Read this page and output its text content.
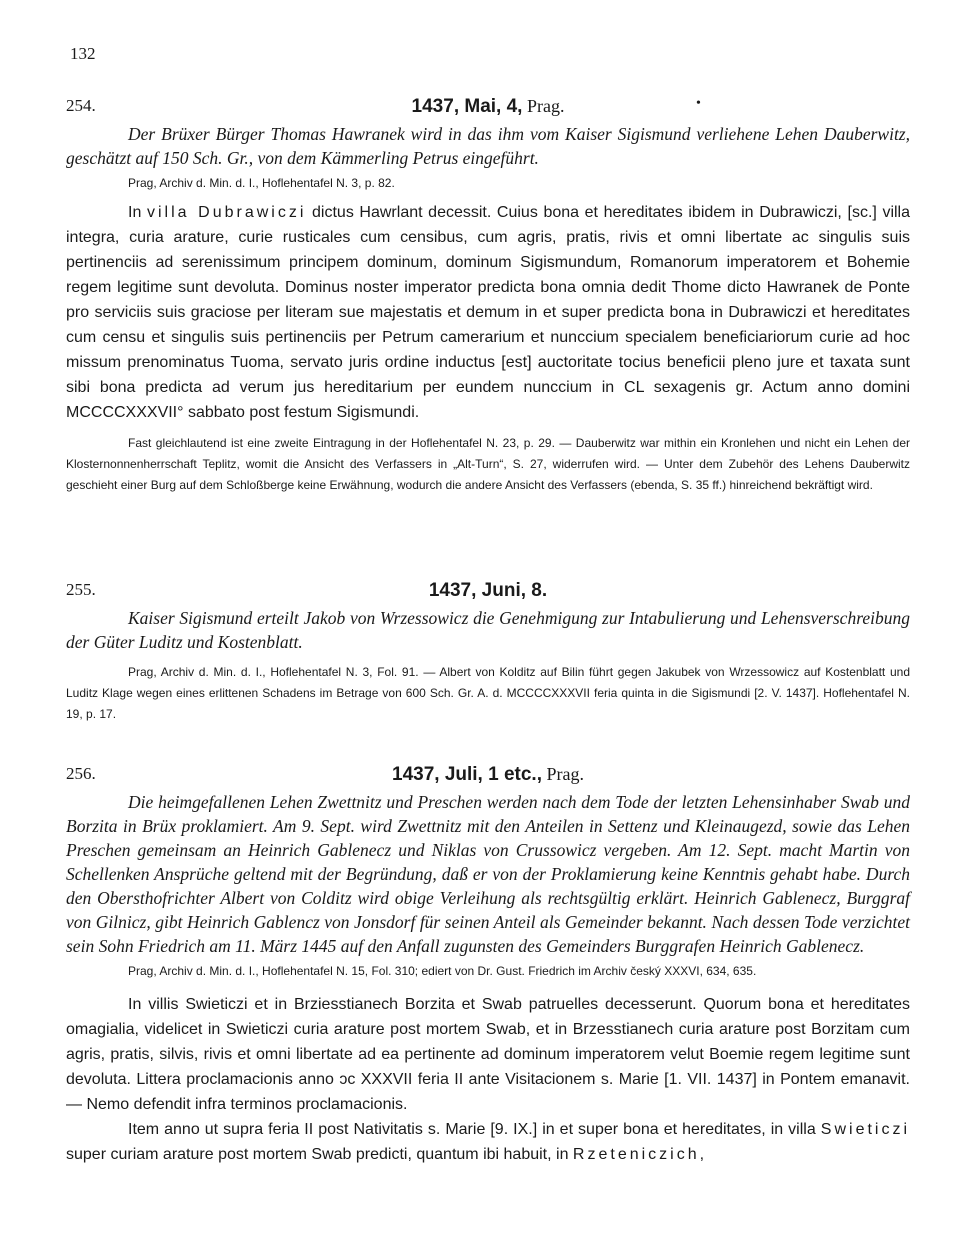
132
254.	1437, Mai, 4, Prag.	•

Der Brüxer Bürger Thomas Hawranek wird in das ihm vom Kaiser Sigismund verliehene Lehen Dauberwitz, geschätzt auf 150 Sch. Gr., von dem Kämmerling Petrus eingeführt.

Prag, Archiv d. Min. d. I., Hoflehentafel N. 3, p. 82.

In villa Dubrawiczi dictus Hawrlant decessit. Cuius bona et hereditates ibidem in Dubrawiczi, [sc.] villa integra, curia arature, curie rusticales cum censibus, cum agris, pratis, rivis et omni libertate ac singulis suis pertinenciis ad serenissimum principem dominum, dominum Sigismundum, Romanorum imperatorem et Bohemie regem legitime sunt devoluta. Dominus noster imperator predicta bona omnia dedit Thome dicto Hawranek de Ponte pro serviciis suis graciose per literam sue majestatis et demum in et super predicta bona in Dubrawiczi et hereditates cum censu et singulis suis pertinenciis per Petrum camerarium et nunccium specialem beneficiariorum curie ad hoc missum prenominatus Tuoma, servato juris ordine inductus [est] auctoritate tocius beneficii pleno jure et taxata sunt sibi bona predicta ad verum jus hereditarium per eundem nunccium in CL sexagenis gr. Actum anno domini MCCCCXXXVII° sabbato post festum Sigismundi.

Fast gleichlautend ist eine zweite Eintragung in der Hoflehentafel N. 23, p. 29. — Dauberwitz war mithin ein Kronlehen und nicht ein Lehen der Klosternonnenherrschaft Teplitz, womit die Ansicht des Verfassers in „Alt-Turn“, S. 27, widerrufen wird. — Unter dem Zubehör des Lehens Dauberwitz geschieht einer Burg auf dem Schloßberge keine Erwähnung, wodurch die andere Ansicht des Verfassers (ebenda, S. 35 ff.) hinreichend bekräftigt wird.

255.	1437, Juni, 8.

Kaiser Sigismund erteilt Jakob von Wrzessowicz die Genehmigung zur Intabulierung und Lehensverschreibung der Güter Luditz und Kostenblatt.

Prag, Archiv d. Min. d. I., Hoflehentafel N. 3, Fol. 91. — Albert von Kolditz auf Bilin führt gegen Jakubek von Wrzessowicz auf Kostenblatt und Luditz Klage wegen eines erlittenen Schadens im Betrage von 600 Sch. Gr. A. d. MCCCCXXXVII feria quinta in die Sigismundi [2. V. 1437]. Hoflehentafel N. 19, p. 17.

256.	1437, Juli, 1 etc., Prag.

Die heimgefallenen Lehen Zwettnitz und Preschen werden nach dem Tode der letzten Lehensinhaber Swab und Borzita in Brüx proklamiert. Am 9. Sept. wird Zwettnitz mit den Anteilen in Settenz und Kleinaugezd, sowie das Lehen Preschen gemeinsam an Heinrich Gablenecz und Niklas von Crussowicz vergeben. Am 12. Sept. macht Martin von Schellenken Ansprüche geltend mit der Begründung, daß er von der Proklamierung keine Kenntnis gehabt habe. Durch den Obersthofrichter Albert von Colditz wird obige Verleihung als rechtsgültig erklärt. Heinrich Gablenecz, Burggraf von Gilnicz, gibt Heinrich Gablencz von Jonsdorf für seinen Anteil als Gemeinder bekannt. Nach dessen Tode verzichtet sein Sohn Friedrich am 11. März 1445 auf den Anfall zugunsten des Gemeinders Burggrafen Heinrich Gablenecz.

Prag, Archiv d. Min. d. I., Hoflehentafel N. 15, Fol. 310; ediert von Dr. Gust. Friedrich im Archiv český XXXVI, 634, 635.

In villis Swieticzi et in Brziesstianech Borzita et Swab patruelles decesserunt. Quorum bona et hereditates omagialia, videlicet in Swieticzi curia arature post mortem Swab, et in Brzesstianech curia arature post Borzitam cum agris, pratis, silvis, rivis et omni libertate ad ea pertinente ad dominum imperatorem velut Boemie regem legitime sunt devoluta. Littera proclamacionis anno ɔc XXXVII feria II ante Visitacionem s. Marie [1. VII. 1437] in Pontem emanavit. — Nemo defendit infra terminos proclamacionis.

Item anno ut supra feria II post Nativitatis s. Marie [9. IX.] in et super bona et hereditates, in villa Swieticzi super curiam arature post mortem Swab predicti, quantum ibi habuit, in Rzeteniczich,
